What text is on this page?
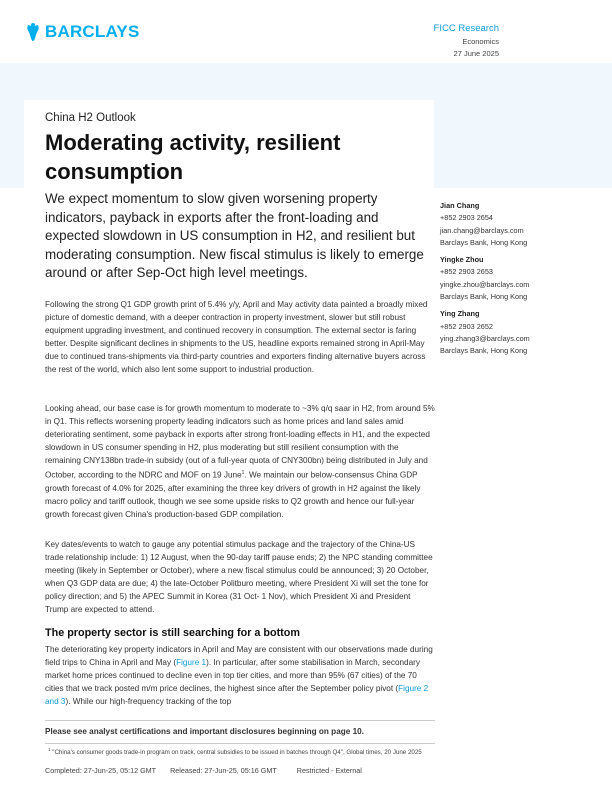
BARCLAYS	FICC Research
Economics
27 June 2025
China H2 Outlook
Moderating activity, resilient consumption
We expect momentum to slow given worsening property indicators, payback in exports after the front-loading and expected slowdown in US consumption in H2, and resilient but moderating consumption. New fiscal stimulus is likely to emerge around or after Sep-Oct high level meetings.

Following the strong Q1 GDP growth print of 5.4% y/y, April and May activity data painted a broadly mixed picture of domestic demand, with a deeper contraction in property investment, slower but still robust equipment upgrading investment, and continued recovery in consumption. The external sector is faring better. Despite significant declines in shipments to the US, headline exports remained strong in April-May due to continued trans-shipments via third-party countries and exporters finding alternative buyers across the rest of the world, which also lent some support to industrial production.

Looking ahead, our base case is for growth momentum to moderate to ~3% q/q saar in H2, from around 5% in Q1. This reflects worsening property leading indicators such as home prices and land sales amid deteriorating sentiment, some payback in exports after strong front-loading effects in H1, and the expected slowdown in US consumer spending in H2, plus moderating but still resilient consumption with the remaining CNY138bn trade-in subsidy (out of a full-year quota of CNY300bn) being distributed in July and October, according to the NDRC and MOF on 19 June$^1$. We maintain our below-consensus China GDP growth forecast of 4.0% for 2025, after examining the three key drivers of growth in H2 against the likely macro policy and tariff outlook, though we see some upside risks to Q2 growth and hence our full-year growth forecast given China's production-based GDP compilation.

Key dates/events to watch to gauge any potential stimulus package and the trajectory of the China-US trade relationship include: 1) 12 August, when the 90-day tariff pause ends; 2) the NPC standing committee meeting (likely in September or October), where a new fiscal stimulus could be announced; 3) 20 October, when Q3 GDP data are due; 4) the late-October Politburo meeting, where President Xi will set the tone for policy direction; and 5) the APEC Summit in Korea (31 Oct- 1 Nov), which President Xi and President Trump are expected to attend.

The property sector is still searching for a bottom

The deteriorating key property indicators in April and May are consistent with our observations made during field trips to China in April and May (Figure 1). In particular, after some stabilisation in March, secondary market home prices continued to decline even in top tier cities, and more than 95% (67 cities) of the 70 cities that we track posted m/m price declines, the highest since after the September policy pivot (Figure 2 and 3). While our high-frequency tracking of the top

Please see analyst certifications and important disclosures beginning on page 10.
$^1$ "China's consumer goods trade-in program on track, central subsidies to be issued in batches through Q4", Global times, 20 June 2025
Completed: 27-Jun-25, 05:12 GMT Released: 27-Jun-25, 05:16 GMT	Restricted - External
Jian Chang
+852 2903 2654
jian.chang@barclays.com
Barclays Bank, Hong Kong
Yingke Zhou
+852 2903 2653
yingke.zhou@barclays.com
Barclays Bank, Hong Kong
Ying Zhang
+852 2903 2652
ying.zhang3@barclays.com
Barclays Bank, Hong Kong
